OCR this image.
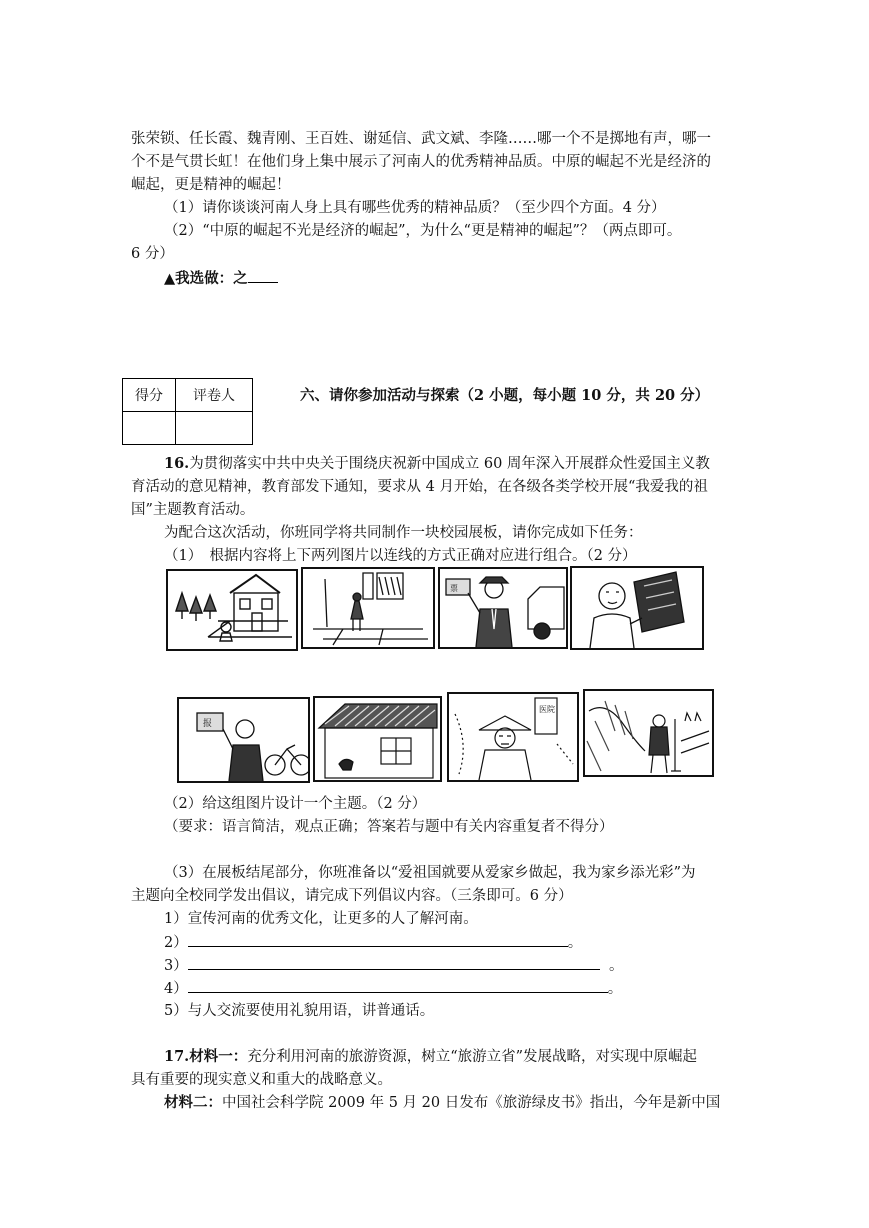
张荣锁、任长霞、魏青刚、王百姓、谢延信、武文斌、李隆……哪一个不是掷地有声，哪一
个不是气贯长虹！在他们身上集中展示了河南人的优秀精神品质。中原的崛起不光是经济的
崛起，更是精神的崛起！
（1）请你谈谈河南人身上具有哪些优秀的精神品质？（至少四个方面。4 分）
（2）“中原的崛起不光是经济的崛起”，为什么“更是精神的崛起”？（两点即可。
6 分）
▲我选做：之
得分	评卷人
		六、请你参加活动与探索（2 小题，每小题 10 分，共 20 分）
16.为贯彻落实中共中央关于围绕庆祝新中国成立 60 周年深入开展群众性爱国主义教
育活动的意见精神，教育部发下通知，要求从 4 月开始，在各级各类学校开展“我爱我的祖
国”主题教育活动。
为配合这次活动，你班同学将共同制作一块校园展板，请你完成如下任务：
（1）　根据内容将上下两列图片以连线的方式正确对应进行组合。（2 分）
票
报
医院
（2）给这组图片设计一个主题。（2 分）
（要求：语言简洁，观点正确；答案若与题中有关内容重复者不得分）
（3）在展板结尾部分，你班准备以“爱祖国就要从爱家乡做起，我为家乡添光彩”为
主题向全校同学发出倡议，请完成下列倡议内容。（三条即可。6 分）
1）宣传河南的优秀文化，让更多的人了解河南。
2）	。
3）	。
4）	。
5）与人交流要使用礼貌用语，讲普通话。
17.材料一：充分利用河南的旅游资源，树立“旅游立省”发展战略，对实现中原崛起
具有重要的现实意义和重大的战略意义。
材料二：中国社会科学院 2009 年 5 月 20 日发布《旅游绿皮书》指出，今年是新中国
